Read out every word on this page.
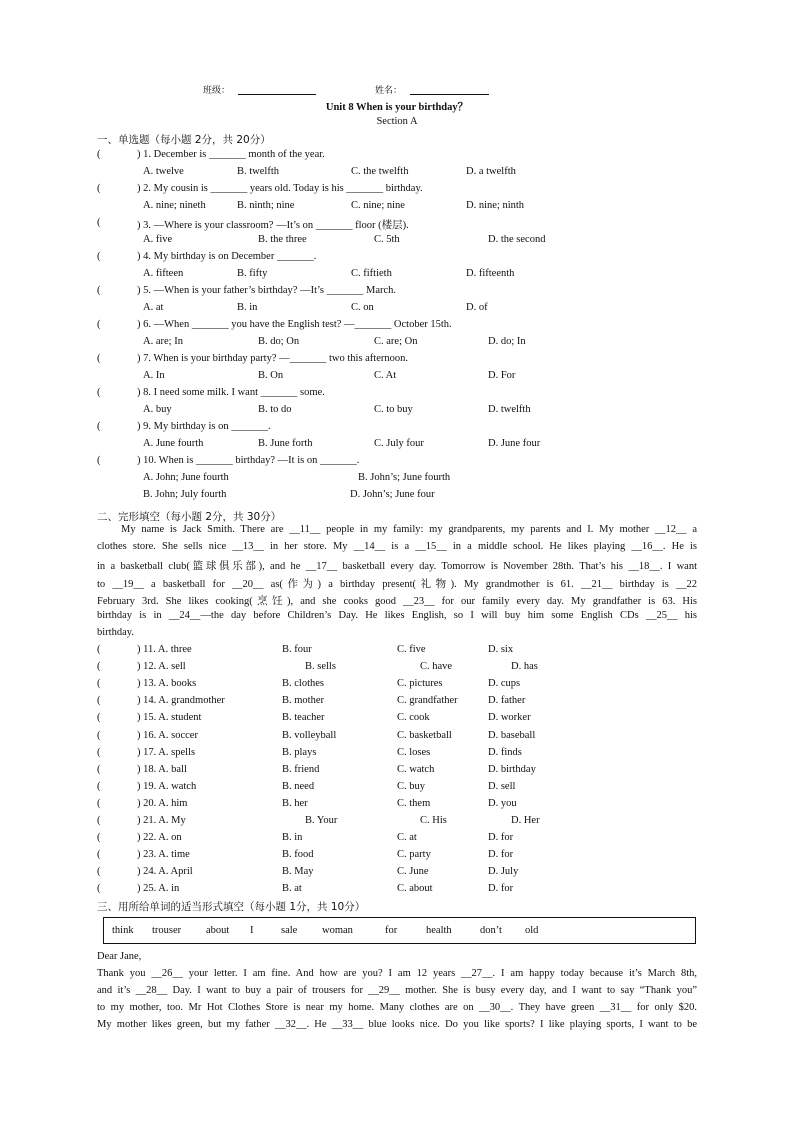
班级：	姓名：
Unit 8 When is your birthday？
Section A
一、单选题（每小题 2分，共 20分）
(	) 1. December is _______ month of the year.
A. twelve	B. twelfth	C. the twelfth	D. a twelfth
(	) 2. My cousin is _______ years old. Today is his _______ birthday.
A. nine; nineth	B. ninth; nine	C. nine; nine	D. nine; ninth
(	) 3. —Where is your classroom? —It’s on _______ floor (楼层).
A. five	B. the three	C. 5th	D. the second
(	) 4. My birthday is on December _______.
A. fifteen	B. fifty	C. fiftieth	D. fifteenth
(	) 5. —When is your father’s birthday? —It’s _______ March.
A. at	B. in	C. on	D. of
(	) 6. —When _______ you have the English test? —_______ October 15th.
A. are; In	B. do; On	C. are; On	D. do; In
(	) 7. When is your birthday party? —_______ two this afternoon.
A. In	B. On	C. At	D. For
(	) 8. I need some milk. I want _______ some.
A. buy	B. to do	C. to buy	D. twelfth
(	) 9. My birthday is on _______.
A. June fourth	B. June forth	C. July four	D. June four
(	) 10. When is _______ birthday? —It is on _______.
A. John; June fourth	B. John’s; June fourth
B. John; July fourth	D. John’s; June four
二、完形填空（每小题 2分，共 30分）
My name is Jack Smith. There are __11__ people in my family: my grandparents, my parents and I. My mother __12__ a
clothes store. She sells nice __13__ in her store. My __14__ is a __15__ in a middle school. He likes playing __16__. He is
in a basketball club(篮球俱乐部), and he __17__ basketball every day. Tomorrow is November 28th. That’s his __18__. I want
to __19__ a basketball for __20__ as(作为) a birthday present(礼物). My grandmother is 61. __21__ birthday is __22
February 3rd. She likes cooking(烹饪), and she cooks good __23__ for our family every day. My grandfather is 63. His
birthday is in __24__—the day before Children’s Day. He likes English, so I will buy him some English CDs __25__ his
birthday.
(	) 11. A. three	B. four	C. five	D. six
(	) 12. A. sell	B. sells	C. have	D. has
(	) 13. A. books	B. clothes	C. pictures	D. cups
(	) 14. A. grandmother	B. mother	C. grandfather	D. father
(	) 15. A. student	B. teacher	C. cook	D. worker
(	) 16. A. soccer	B. volleyball	C. basketball	D. baseball
(	) 17. A. spells	B. plays	C. loses	D. finds
(	) 18. A. ball	B. friend	C. watch	D. birthday
(	) 19. A. watch	B. need	C. buy	D. sell
(	) 20. A. him	B. her	C. them	D. you
(	) 21. A. My	B. Your	C. His	D. Her
(	) 22. A. on	B. in	C. at	D. for
(	) 23. A. time	B. food	C. party	D. for
(	) 24. A. April	B. May	C. June	D. July
(	) 25. A. in	B. at	C. about	D. for
三、用所给单词的适当形式填空（每小题 1分，共 10分）
think trouser about I	sale woman	for	health	don’t old
Dear Jane,
Thank you __26__ your letter. I am fine. And how are you? I am 12 years __27__. I am happy today because it’s March 8th,
and it’s __28__ Day. I want to buy a pair of trousers for __29__ mother. She is busy every day, and I want to say “Thank you”
to my mother, too. Mr Hot Clothes Store is near my home. Many clothes are on __30__. They have green __31__ for only $20.
My mother likes green, but my father __32__. He __33__ blue looks nice. Do you like sports? I like playing sports, I want to be
